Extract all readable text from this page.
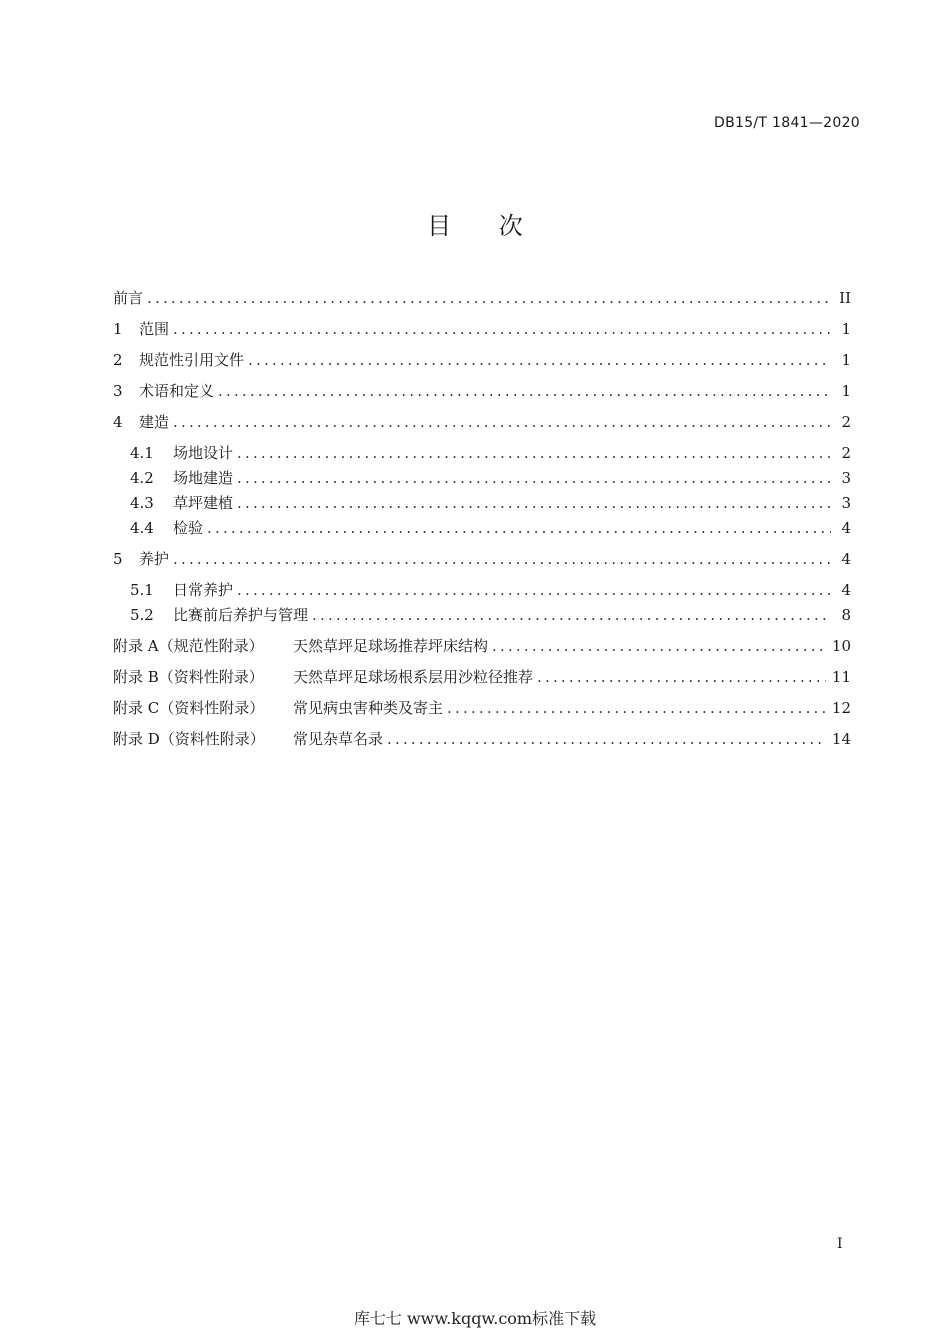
DB15/T 1841—2020
目 次
前言 .....	II
1	范围 .....	1
2	规范性引用文件 .....	1
3	术语和定义 .....	1
4	建造 .....	2
4.1	场地设计 .....	2
4.2	场地建造 .....	3
4.3	草坪建植 .....	3
4.4	检验 .....	4
5	养护 .....	4
5.1	日常养护 .....	4
5.2	比赛前后养护与管理 .....	8
附录 A（规范性附录）	天然草坪足球场推荐坪床结构 .....	10
附录 B（资料性附录）	天然草坪足球场根系层用沙粒径推荐 .....	11
附录 C（资料性附录）	常见病虫害种类及寄主 .....	12
附录 D（资料性附录）	常见杂草名录 .....	14
I
库七七 www.kqqw.com标准下载
